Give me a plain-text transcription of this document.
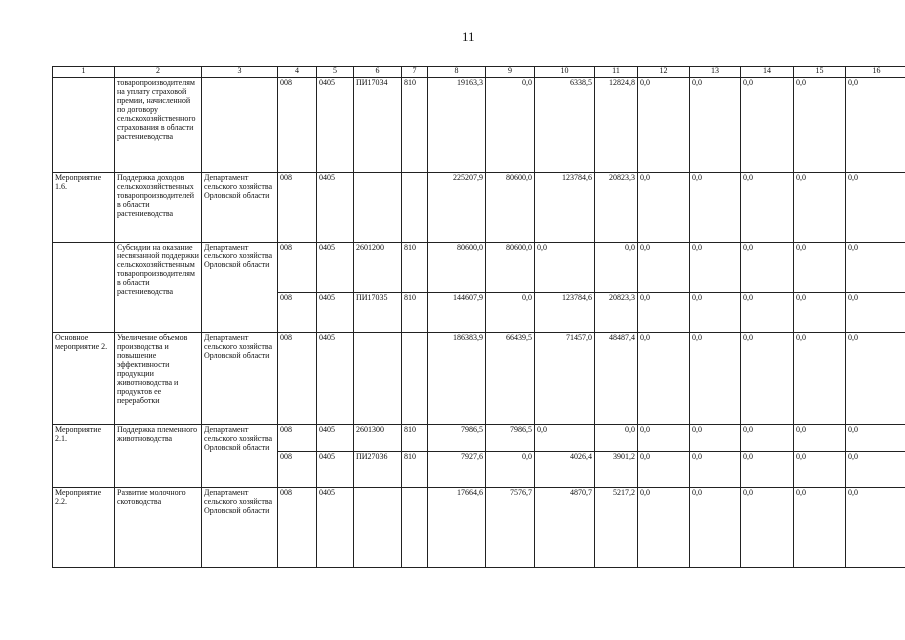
11
1	2	3	4	5	6	7	8	9	10	11	12	13	14	15	16
	товаропроизводителям на уплату страховой премии, начисленной по договору сельскохозяйственного страхования в области растениеводства		008	0405	ПИ17034	810	19163,3	0,0	6338,5	12824,8	0,0	0,0	0,0	0,0	0,0
Мероприятие 1.6.	Поддержка доходов сельскохозяйственных товаропроизводителей в области растениеводства	Департамент сельского хозяйства Орловской области	008	0405			225207,9	80600,0	123784,6	20823,3	0,0	0,0	0,0	0,0	0,0
	Субсидии на оказание несвязанной поддержки сельскохозяйственным товаропроизводителям в области растениеводства	Департамент сельского хозяйства Орловской области	008	0405	2601200	810	80600,0	80600,0	0,0	0,0	0,0	0,0	0,0	0,0	0,0
			008	0405	ПИ17035	810	144607,9	0,0	123784,6	20823,3	0,0	0,0	0,0	0,0	0,0
Основное мероприятие 2.	Увеличение объемов производства и повышение эффективности продукции животноводства и продуктов ее переработки	Департамент сельского хозяйства Орловской области	008	0405			186383,9	66439,5	71457,0	48487,4	0,0	0,0	0,0	0,0	0,0
Мероприятие 2.1.	Поддержка племенного животноводства	Департамент сельского хозяйства Орловской области	008	0405	2601300	810	7986,5	7986,5	0,0	0,0	0,0	0,0	0,0	0,0	0,0
			008	0405	ПИ27036	810	7927,6	0,0	4026,4	3901,2	0,0	0,0	0,0	0,0	0,0
Мероприятие 2.2.	Развитие молочного скотоводства	Департамент сельского хозяйства Орловской области	008	0405			17664,6	7576,7	4870,7	5217,2	0,0	0,0	0,0	0,0	0,0
